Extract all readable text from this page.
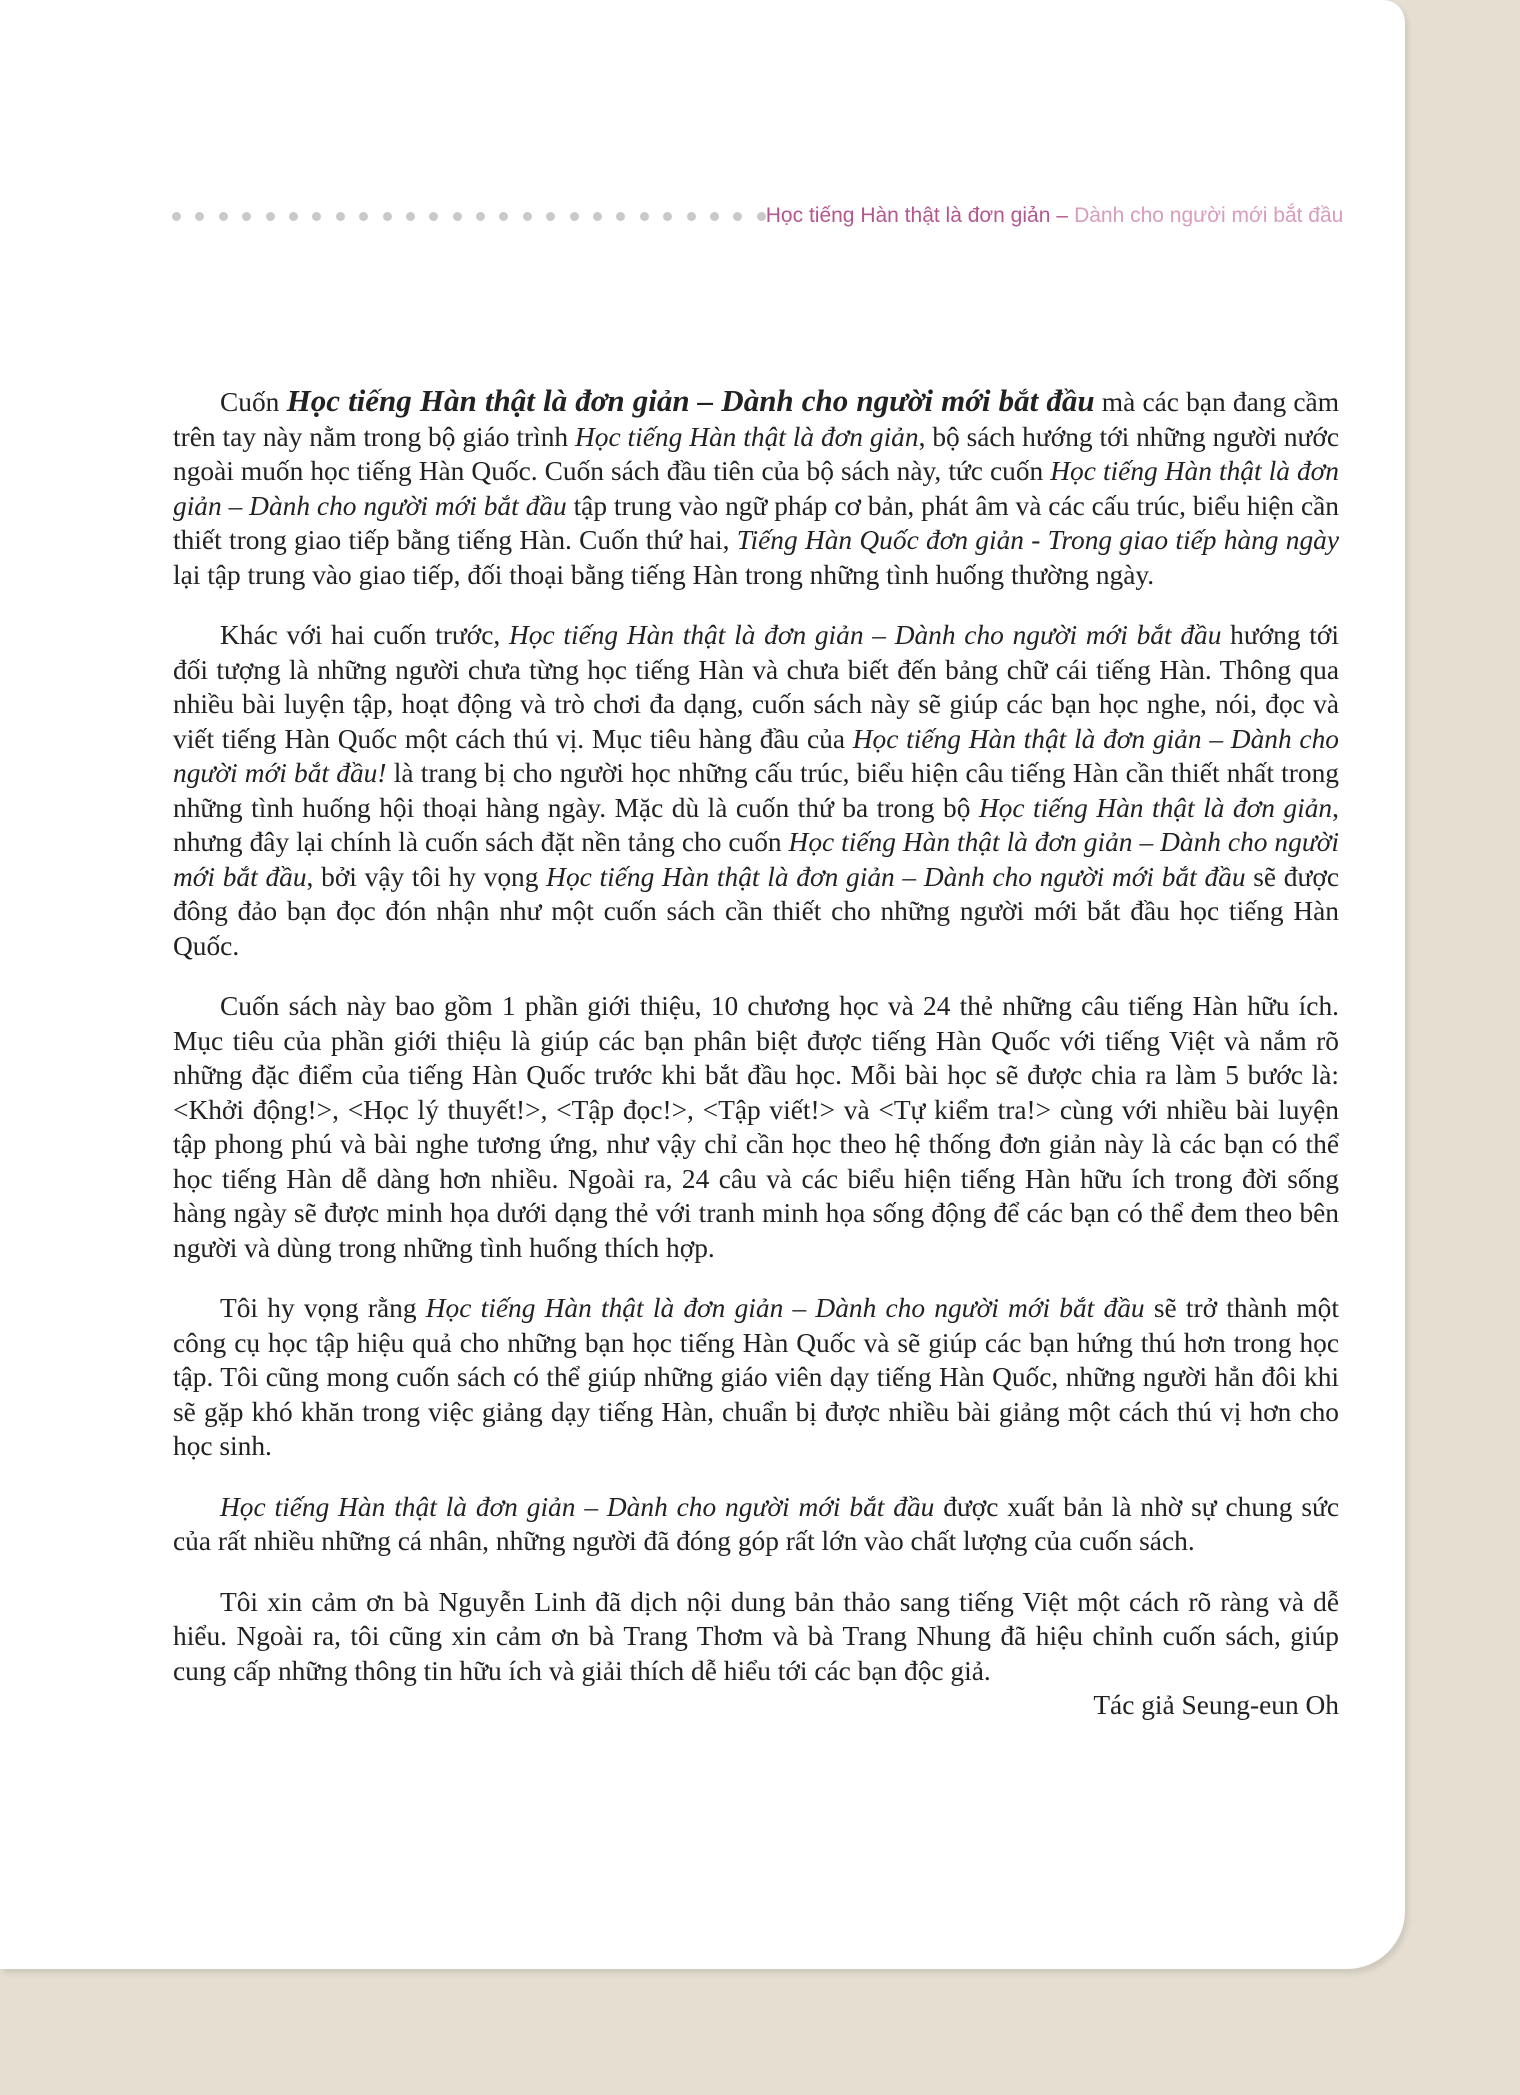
Học tiếng Hàn thật là đơn giản – Dành cho người mới bắt đầu

Cuốn Học tiếng Hàn thật là đơn giản – Dành cho người mới bắt đầu mà các bạn đang cầm trên tay này nằm trong bộ giáo trình Học tiếng Hàn thật là đơn giản, bộ sách hướng tới những người nước ngoài muốn học tiếng Hàn Quốc. Cuốn sách đầu tiên của bộ sách này, tức cuốn Học tiếng Hàn thật là đơn giản – Dành cho người mới bắt đầu tập trung vào ngữ pháp cơ bản, phát âm và các cấu trúc, biểu hiện cần thiết trong giao tiếp bằng tiếng Hàn. Cuốn thứ hai, Tiếng Hàn Quốc đơn giản - Trong giao tiếp hàng ngày lại tập trung vào giao tiếp, đối thoại bằng tiếng Hàn trong những tình huống thường ngày.

Khác với hai cuốn trước, Học tiếng Hàn thật là đơn giản – Dành cho người mới bắt đầu hướng tới đối tượng là những người chưa từng học tiếng Hàn và chưa biết đến bảng chữ cái tiếng Hàn. Thông qua nhiều bài luyện tập, hoạt động và trò chơi đa dạng, cuốn sách này sẽ giúp các bạn học nghe, nói, đọc và viết tiếng Hàn Quốc một cách thú vị. Mục tiêu hàng đầu của Học tiếng Hàn thật là đơn giản – Dành cho người mới bắt đầu! là trang bị cho người học những cấu trúc, biểu hiện câu tiếng Hàn cần thiết nhất trong những tình huống hội thoại hàng ngày. Mặc dù là cuốn thứ ba trong bộ Học tiếng Hàn thật là đơn giản, nhưng đây lại chính là cuốn sách đặt nền tảng cho cuốn Học tiếng Hàn thật là đơn giản – Dành cho người mới bắt đầu, bởi vậy tôi hy vọng Học tiếng Hàn thật là đơn giản – Dành cho người mới bắt đầu sẽ được đông đảo bạn đọc đón nhận như một cuốn sách cần thiết cho những người mới bắt đầu học tiếng Hàn Quốc.

Cuốn sách này bao gồm 1 phần giới thiệu, 10 chương học và 24 thẻ những câu tiếng Hàn hữu ích. Mục tiêu của phần giới thiệu là giúp các bạn phân biệt được tiếng Hàn Quốc với tiếng Việt và nắm rõ những đặc điểm của tiếng Hàn Quốc trước khi bắt đầu học. Mỗi bài học sẽ được chia ra làm 5 bước là: <Khởi động!>, <Học lý thuyết!>, <Tập đọc!>, <Tập viết!> và <Tự kiểm tra!> cùng với nhiều bài luyện tập phong phú và bài nghe tương ứng, như vậy chỉ cần học theo hệ thống đơn giản này là các bạn có thể học tiếng Hàn dễ dàng hơn nhiều. Ngoài ra, 24 câu và các biểu hiện tiếng Hàn hữu ích trong đời sống hàng ngày sẽ được minh họa dưới dạng thẻ với tranh minh họa sống động để các bạn có thể đem theo bên người và dùng trong những tình huống thích hợp.

Tôi hy vọng rằng Học tiếng Hàn thật là đơn giản – Dành cho người mới bắt đầu sẽ trở thành một công cụ học tập hiệu quả cho những bạn học tiếng Hàn Quốc và sẽ giúp các bạn hứng thú hơn trong học tập. Tôi cũng mong cuốn sách có thể giúp những giáo viên dạy tiếng Hàn Quốc, những người hẳn đôi khi sẽ gặp khó khăn trong việc giảng dạy tiếng Hàn, chuẩn bị được nhiều bài giảng một cách thú vị hơn cho học sinh.

Học tiếng Hàn thật là đơn giản – Dành cho người mới bắt đầu được xuất bản là nhờ sự chung sức của rất nhiều những cá nhân, những người đã đóng góp rất lớn vào chất lượng của cuốn sách.

Tôi xin cảm ơn bà Nguyễn Linh đã dịch nội dung bản thảo sang tiếng Việt một cách rõ ràng và dễ hiểu. Ngoài ra, tôi cũng xin cảm ơn bà Trang Thơm và bà Trang Nhung đã hiệu chỉnh cuốn sách, giúp cung cấp những thông tin hữu ích và giải thích dễ hiểu tới các bạn độc giả.

Tác giả Seung-eun Oh
